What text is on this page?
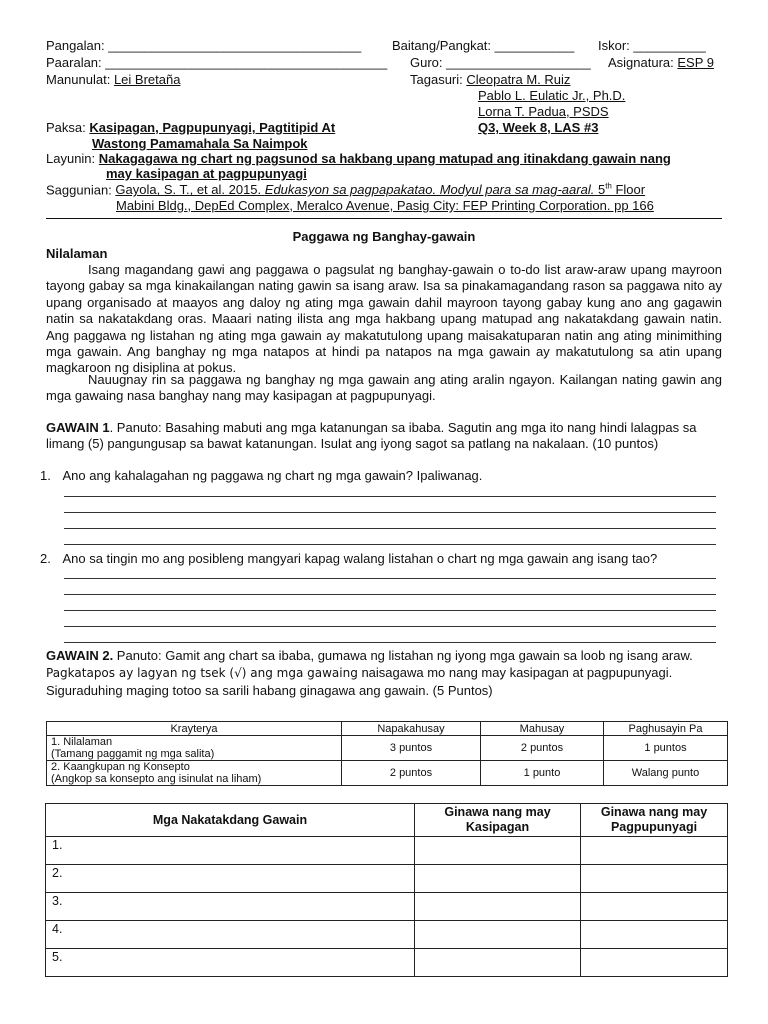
Pangalan: ___________________________________ Baitang/Pangkat: ___________ Iskor: __________
Paaralan: _______________________________________ Guro: ____________________ Asignatura: ESP 9
Manunulat: Lei Bretaña	Tagasuri: Cleopatra M. Ruiz
Pablo L. Eulatic Jr., Ph.D.
Lorna T. Padua, PSDS
Paksa: Kasipagan, Pagpupunyagi, Pagtitipid At	Q3, Week 8, LAS #3
Wastong Pamamahala Sa Naimpok
Layunin: Nakagagawa ng chart ng pagsunod sa hakbang upang matupad ang itinakdang gawain nang
may kasipagan at pagpupunyagi
Saggunian: Gayola, S. T., et al. 2015. Edukasyon sa pagpapakatao. Modyul para sa mag-aaral. 5th Floor
Mabini Bldg., DepEd Complex, Meralco Avenue, Pasig City: FEP Printing Corporation. pp 166
Paggawa ng Banghay-gawain
Nilalaman

Isang magandang gawi ang paggawa o pagsulat ng banghay-gawain o to-do list araw-araw upang mayroon tayong gabay sa mga kinakailangan nating gawin sa isang araw. Isa sa pinakamagandang rason sa paggawa nito ay upang organisado at maayos ang daloy ng ating mga gawain dahil mayroon tayong gabay kung ano ang gagawin natin sa nakatakdang oras. Maaari nating ilista ang mga hakbang upang matupad ang nakatakdang gawain natin. Ang paggawa ng listahan ng ating mga gawain ay makatutulong upang maisakatuparan natin ang ating minimithing mga gawain. Ang banghay ng mga natapos at hindi pa natapos na mga gawain ay makatutulong sa atin upang magkaroon ng disiplina at pokus.

Nauugnay rin sa paggawa ng banghay ng mga gawain ang ating aralin ngayon. Kailangan nating gawin ang mga gawaing nasa banghay nang may kasipagan at pagpupunyagi.

GAWAIN 1. Panuto: Basahing mabuti ang mga katanungan sa ibaba. Sagutin ang mga ito nang hindi lalagpas sa limang (5) pangungusap sa bawat katanungan. Isulat ang iyong sagot sa patlang na nakalaan. (10 puntos)
1. Ano ang kahalagahan ng paggawa ng chart ng mga gawain? Ipaliwanag.
2. Ano sa tingin mo ang posibleng mangyari kapag walang listahan o chart ng mga gawain ang isang tao?
GAWAIN 2. Panuto: Gamit ang chart sa ibaba, gumawa ng listahan ng iyong mga gawain sa loob ng isang araw. Pagkatapos ay lagyan ng tsek (√) ang mga gawaing naisagawa mo nang may kasipagan at pagpupunyagi. Siguraduhing maging totoo sa sarili habang ginagawa ang gawain. (5 Puntos)
Krayterya	Napakahusay	Mahusay	Paghusayin Pa
1. Nilalaman
(Tamang paggamit ng mga salita)	3 puntos	2 puntos	1 puntos
2. Kaangkupan ng Konsepto
(Angkop sa konsepto ang isinulat na liham)	2 puntos	1 punto	Walang punto
Mga Nakatakdang Gawain	Ginawa nang may Kasipagan	Ginawa nang may Pagpupunyagi
1.		
2.		
3.		
4.		
5.		
